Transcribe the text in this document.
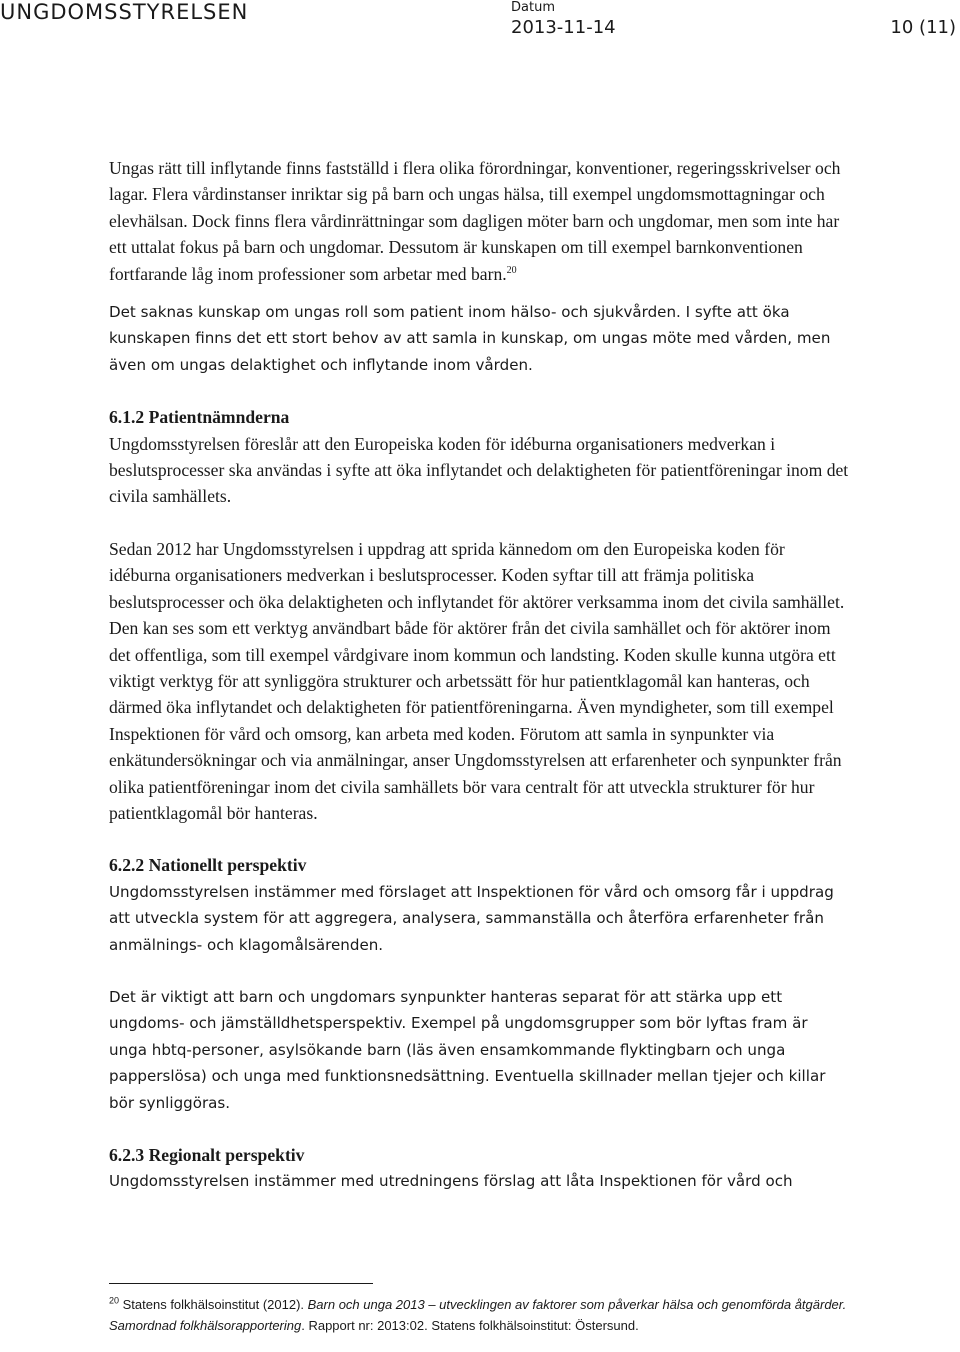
UNGDOMSSTYRELSEN	Datum
2013-11-14	10 (11)

Ungas rätt till inflytande finns fastställd i flera olika förordningar, konventioner, regeringsskrivelser och lagar. Flera vårdinstanser inriktar sig på barn och ungas hälsa, till exempel ungdomsmottagningar och elevhälsan. Dock finns flera vårdinrättningar som dagligen möter barn och ungdomar, men som inte har ett uttalat fokus på barn och ungdomar. Dessutom är kunskapen om till exempel barnkonventionen fortfarande låg inom professioner som arbetar med barn.$^{20}$

Det saknas kunskap om ungas roll som patient inom hälso- och sjukvården. I syfte att öka kunskapen finns det ett stort behov av att samla in kunskap, om ungas möte med vården, men även om ungas delaktighet och inflytande inom vården.

6.1.2 Patientnämnderna

Ungdomsstyrelsen föreslår att den Europeiska koden för idéburna organisationers medverkan i beslutsprocesser ska användas i syfte att öka inflytandet och delaktigheten för patientföreningar inom det civila samhällets.

Sedan 2012 har Ungdomsstyrelsen i uppdrag att sprida kännedom om den Europeiska koden för idéburna organisationers medverkan i beslutsprocesser. Koden syftar till att främja politiska beslutsprocesser och öka delaktigheten och inflytandet för aktörer verksamma inom det civila samhället. Den kan ses som ett verktyg användbart både för aktörer från det civila samhället och för aktörer inom det offentliga, som till exempel vårdgivare inom kommun och landsting. Koden skulle kunna utgöra ett viktigt verktyg för att synliggöra strukturer och arbetssätt för hur patientklagomål kan hanteras, och därmed öka inflytandet och delaktigheten för patientföreningarna. Även myndigheter, som till exempel Inspektionen för vård och omsorg, kan arbeta med koden. Förutom att samla in synpunkter via enkätundersökningar och via anmälningar, anser Ungdomsstyrelsen att erfarenheter och synpunkter från olika patientföreningar inom det civila samhällets bör vara centralt för att utveckla strukturer för hur patientklagomål bör hanteras.

6.2.2 Nationellt perspektiv

Ungdomsstyrelsen instämmer med förslaget att Inspektionen för vård och omsorg får i uppdrag att utveckla system för att aggregera, analysera, sammanställa och återföra erfarenheter från anmälnings- och klagomålsärenden.

Det är viktigt att barn och ungdomars synpunkter hanteras separat för att stärka upp ett ungdoms- och jämställdhetsperspektiv. Exempel på ungdomsgrupper som bör lyftas fram är unga hbtq-personer, asylsökande barn (läs även ensamkommande flyktingbarn och unga papperslösa) och unga med funktionsnedsättning. Eventuella skillnader mellan tjejer och killar bör synliggöras.

6.2.3 Regionalt perspektiv

Ungdomsstyrelsen instämmer med utredningens förslag att låta Inspektionen för vård och

$^{20}$ Statens folkhälsoinstitut (2012). Barn och unga 2013 – utvecklingen av faktorer som påverkar hälsa och genomförda åtgärder. Samordnad folkhälsorapportering. Rapport nr: 2013:02. Statens folkhälsoinstitut: Östersund.
